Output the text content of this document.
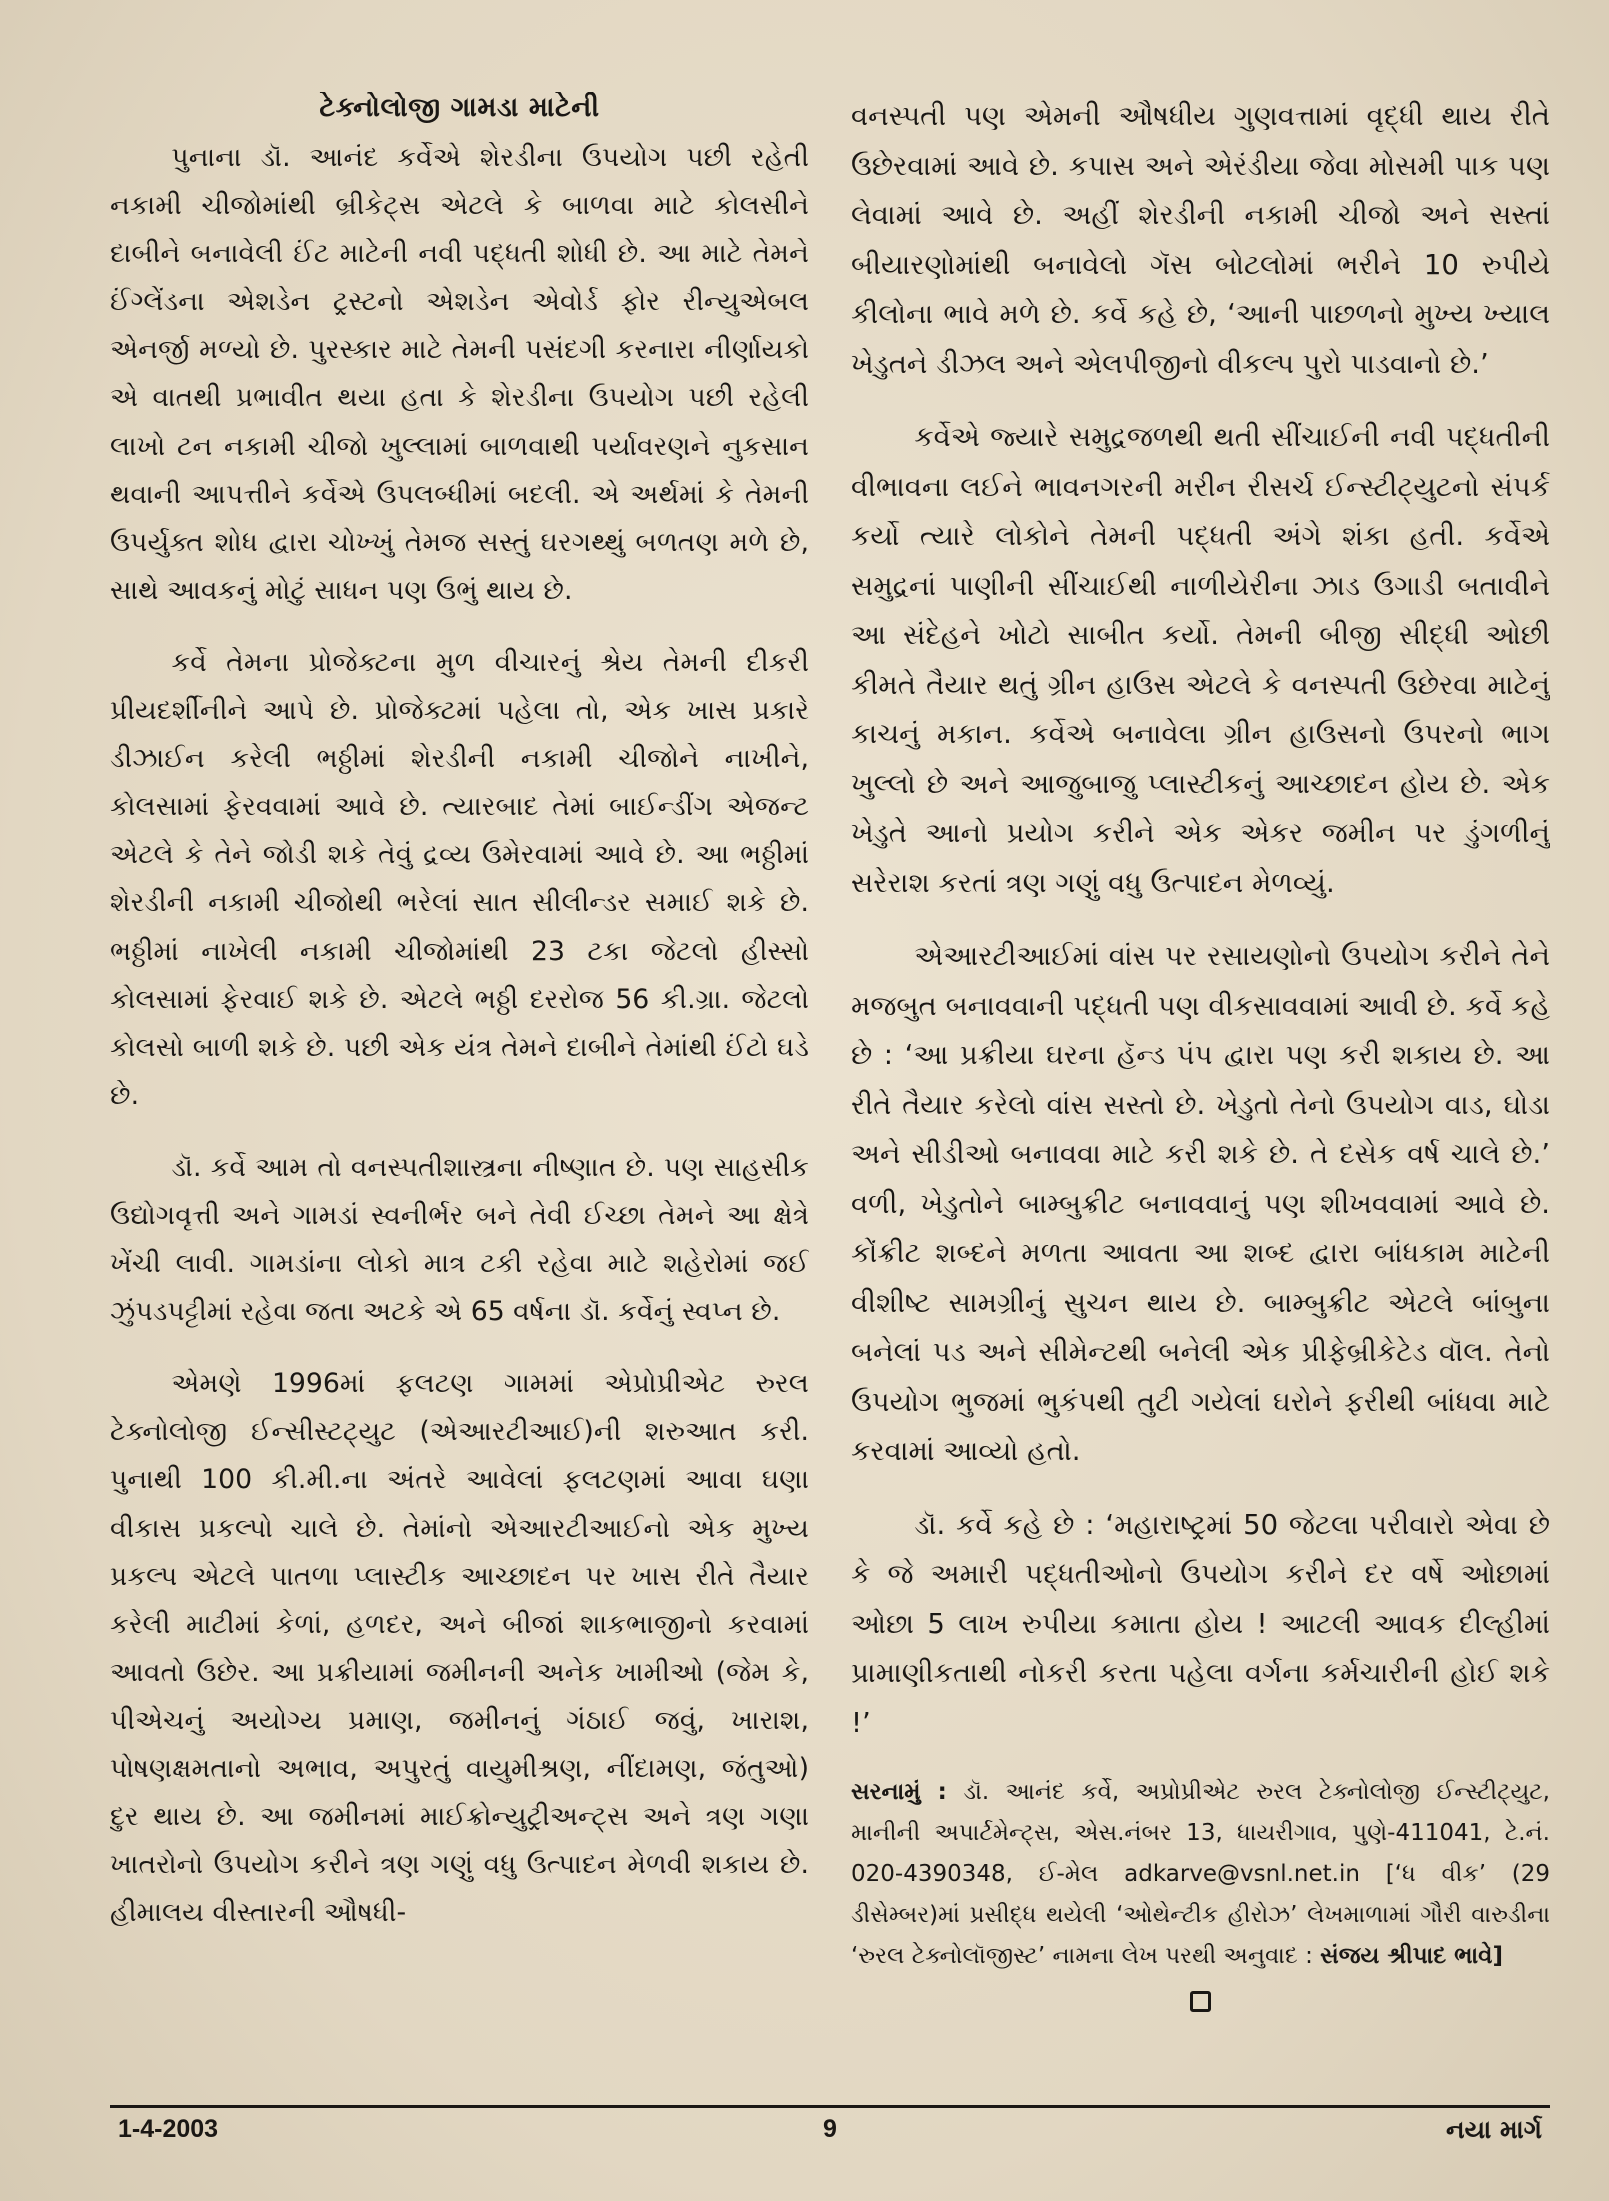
ટેક્નોલોજી ગામડા માટેની

પુનાના ડૉ. આનંદ કર્વેએ શેરડીના ઉપયોગ પછી રહેતી નકામી ચીજોમાંથી બ્રીકેટ્સ એટલે કે બાળવા માટે કોલસીને દાબીને બનાવેલી ઈંટ માટેની નવી પદ્ધતી શોધી છે. આ માટે તેમને ઈંગ્લેંડના એશડેન ટ્રસ્ટનો એશડેન એવોર્ડ ફોર રીન્યુએબલ એનર્જી મળ્યો છે. પુરસ્કાર માટે તેમની પસંદગી કરનારા નીર્ણાયકો એ વાતથી પ્રભાવીત થયા હતા કે શેરડીના ઉપયોગ પછી રહેલી લાખો ટન નકામી ચીજો ખુલ્લામાં બાળવાથી પર્યાવરણને નુકસાન થવાની આપત્તીને કર્વેએ ઉપલબ્ધીમાં બદલી. એ અર્થમાં કે તેમની ઉપર્યુક્ત શોધ દ્વારા ચોખ્ખું તેમજ સસ્તું ઘરગથ્થું બળતણ મળે છે, સાથે આવકનું મોટું સાધન પણ ઉભું થાય છે.

કર્વે તેમના પ્રોજેક્ટના મુળ વીચારનું શ્રેય તેમની દીકરી પ્રીયદર્શીનીને આપે છે. પ્રોજેક્ટમાં પહેલા તો, એક ખાસ પ્રકારે ડીઝાઈન કરેલી ભઠ્ઠીમાં શેરડીની નકામી ચીજોને નાખીને, કોલસામાં ફેરવવામાં આવે છે. ત્યારબાદ તેમાં બાઈન્ડીંગ એજન્ટ એટલે કે તેને જોડી શકે તેવું દ્રવ્ય ઉમેરવામાં આવે છે. આ ભઠ્ઠીમાં શેરડીની નકામી ચીજોથી ભરેલાં સાત સીલીન્ડર સમાઈ શકે છે. ભઠ્ઠીમાં નાખેલી નકામી ચીજોમાંથી 23 ટકા જેટલો હીસ્સો કોલસામાં ફેરવાઈ શકે છે. એટલે ભઠ્ઠી દરરોજ 56 કી.ગ્રા. જેટલો કોલસો બાળી શકે છે. પછી એક યંત્ર તેમને દાબીને તેમાંથી ઈંટો ઘડે છે.

ડૉ. કર્વે આમ તો વનસ્પતીશાસ્ત્રના નીષ્ણાત છે. પણ સાહસીક ઉદ્યોગવૃત્તી અને ગામડાં સ્વનીર્ભર બને તેવી ઈચ્છા તેમને આ ક્ષેત્રે ખેંચી લાવી. ગામડાંના લોકો માત્ર ટકી રહેવા માટે શહેરોમાં જઈ ઝુંપડપટ્ટીમાં રહેવા જતા અટકે એ 65 વર્ષના ડૉ. કર્વેનું સ્વપ્ન છે.

એમણે 1996માં ફલટણ ગામમાં એપ્રોપ્રીએટ રુરલ ટેક્નોલોજી ઈન્સીસ્ટટ્યુટ (એઆરટીઆઈ)ની શરુઆત કરી. પુનાથી 100 કી.મી.ના અંતરે આવેલાં ફલટણમાં આવા ઘણા વીકાસ પ્રકલ્પો ચાલે છે. તેમાંનો એઆરટીઆઈનો એક મુખ્ય પ્રકલ્પ એટલે પાતળા પ્લાસ્ટીક આચ્છાદન પર ખાસ રીતે તૈયાર કરેલી માટીમાં કેળાં, હળદર, અને બીજાં શાકભાજીનો કરવામાં આવતો ઉછેર. આ પ્રક્રીયામાં જમીનની અનેક ખામીઓ (જેમ કે, પીએચનું અયોગ્ય પ્રમાણ, જમીનનું ગંઠાઈ જવું, ખારાશ, પોષણક્ષમતાનો અભાવ, અપુરતું વાયુમીશ્રણ, નીંદામણ, જંતુઓ) દુર થાય છે. આ જમીનમાં માઈક્રોન્યુટ્રીઅન્ટ્સ અને ત્રણ ગણા ખાતરોનો ઉપયોગ કરીને ત્રણ ગણું વધુ ઉત્પાદન મેળવી શકાય છે. હીમાલય વીસ્તારની ઔષધી-

વનસ્પતી પણ એમની ઔષધીય ગુણવત્તામાં વૃદ્ધી થાય રીતે ઉછેરવામાં આવે છે. કપાસ અને એરંડીયા જેવા મોસમી પાક પણ લેવામાં આવે છે. અહીં શેરડીની નકામી ચીજો અને સસ્તાં બીયારણોમાંથી બનાવેલો ગૅસ બોટલોમાં ભરીને 10 રુપીયે કીલોના ભાવે મળે છે. કર્વે કહે છે, ‘આની પાછળનો મુખ્ય ખ્યાલ ખેડુતને ડીઝલ અને એલપીજીનો વીકલ્પ પુરો પાડવાનો છે.’

કર્વેએ જ્યારે સમુદ્રજળથી થતી સીંચાઈની નવી પદ્ધતીની વીભાવના લઈને ભાવનગરની મરીન રીસર્ચ ઈન્સ્ટીટ્યુટનો સંપર્ક કર્યો ત્યારે લોકોને તેમની પદ્ધતી અંગે શંકા હતી. કર્વેએ સમુદ્રનાં પાણીની સીંચાઈથી નાળીયેરીના ઝાડ ઉગાડી બતાવીને આ સંદેહને ખોટો સાબીત કર્યો. તેમની બીજી સીદ્ધી ઓછી કીમતે તૈયાર થતું ગ્રીન હાઉસ એટલે કે વનસ્પતી ઉછેરવા માટેનું કાચનું મકાન. કર્વેએ બનાવેલા ગ્રીન હાઉસનો ઉપરનો ભાગ ખુલ્લો છે અને આજુબાજુ પ્લાસ્ટીકનું આચ્છાદન હોય છે. એક ખેડુતે આનો પ્રયોગ કરીને એક એકર જમીન પર ડુંગળીનું સરેરાશ કરતાં ત્રણ ગણું વધુ ઉત્પાદન મેળવ્યું.

એઆરટીઆઈમાં વાંસ પર રસાયણોનો ઉપયોગ કરીને તેને મજબુત બનાવવાની પદ્ધતી પણ વીકસાવવામાં આવી છે. કર્વે કહે છે : ‘આ પ્રક્રીયા ઘરના હૅન્ડ પંપ દ્વારા પણ કરી શકાય છે. આ રીતે તૈયાર કરેલો વાંસ સસ્તો છે. ખેડુતો તેનો ઉપયોગ વાડ, ઘોડા અને સીડીઓ બનાવવા માટે કરી શકે છે. તે દસેક વર્ષ ચાલે છે.’ વળી, ખેડુતોને બામ્બુક્રીટ બનાવવાનું પણ શીખવવામાં આવે છે. કોંક્રીટ શબ્દને મળતા આવતા આ શબ્દ દ્વારા બાંધકામ માટેની વીશીષ્ટ સામગ્રીનું સુચન થાય છે. બામ્બુક્રીટ એટલે બાંબુના બનેલાં પડ અને સીમેન્ટથી બનેલી એક પ્રીફેબ્રીકેટેડ વૉલ. તેનો ઉપયોગ ભુજમાં ભુકંપથી તુટી ગયેલાં ઘરોને ફરીથી બાંધવા માટે કરવામાં આવ્યો હતો.

ડૉ. કર્વે કહે છે : ‘મહારાષ્ટ્રમાં 50 જેટલા પરીવારો એવા છે કે જે અમારી પદ્ધતીઓનો ઉપયોગ કરીને દર વર્ષે ઓછામાં ઓછા 5 લાખ રુપીયા કમાતા હોય ! આટલી આવક દીલ્હીમાં પ્રામાણીકતાથી નોકરી કરતા પહેલા વર્ગના કર્મચારીની હોઈ શકે !’

સરનામું : ડૉ. આનંદ કર્વે, અપ્રોપ્રીએટ રુરલ ટેક્નોલોજી ઈન્સ્ટીટ્યુટ, માનીની અપાર્ટમેન્ટ્સ, એસ.નંબર 13, ધાયરીગાવ, પુણે-411041, ટે.નં. 020-4390348, ઈ-મેલ adkarve@vsnl.net.in [‘ધ વીક’ (29 ડીસેમ્બર)માં પ્રસીદ્ધ થયેલી ‘ઓથેન્ટીક હીરોઝ’ લેખમાળામાં ગૌરી વારુડીના ‘રુરલ ટેક્નોલૉજીસ્ટ’ નામના લેખ પરથી અનુવાદ : સંજય શ્રીપાદ ભાવે]
1-4-2003	9	નયા માર્ગ
